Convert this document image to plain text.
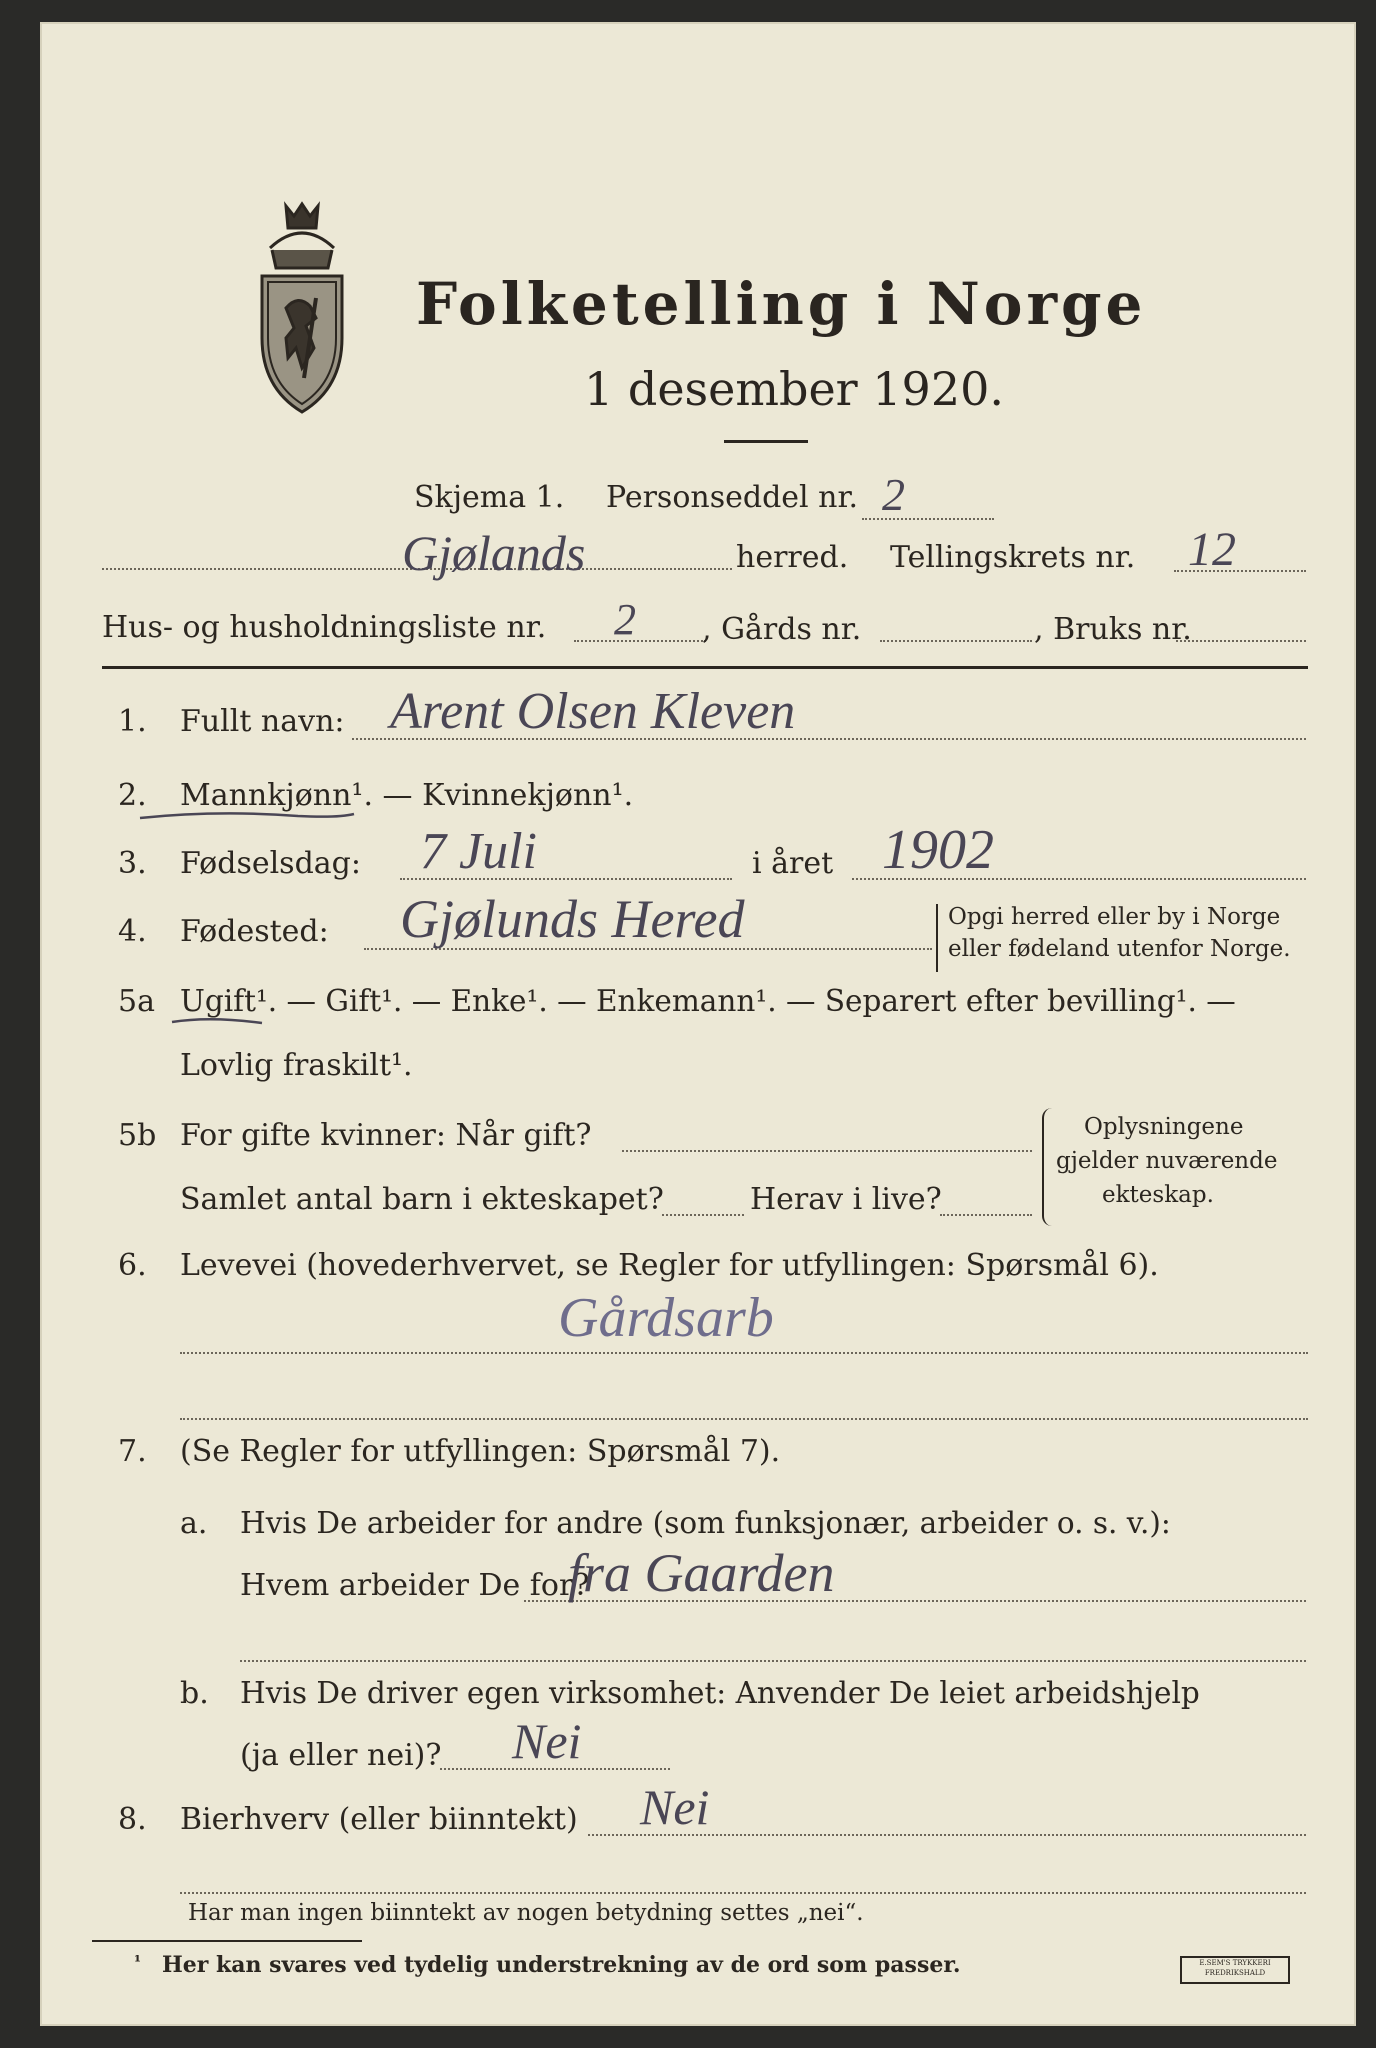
Folketelling i Norge
1 desember 1920.
Skjema 1. Personseddel nr. 2
Gjølands	herred. Tellingskrets nr. 12
Hus- og husholdningsliste nr. 2 , Gårds nr.	, Bruks nr.
1. Fullt navn: Arent Olsen Kleven
2. Mannkjønn¹. — Kvinnekjønn¹.
3. Fødselsdag: 7 Juli	i året 1902
4. Fødested: Gjølunds Hered	Opgi herred eller by i Norge
eller fødeland utenfor Norge.
5a Ugift¹. — Gift¹. — Enke¹. — Enkemann¹. — Separert efter bevilling¹. —
Lovlig fraskilt¹.
5b For gifte kvinner: Når gift?
Samlet antal barn i ekteskapet?	Herav i live?
Oplysningene
gjelder nuværende
ekteskap.
6. Levevei (hovederhvervet, se Regler for utfyllingen: Spørsmål 6).
Gårdsarb
7. (Se Regler for utfyllingen: Spørsmål 7).
a. Hvis De arbeider for andre (som funksjonær, arbeider o. s. v.):
Hvem arbeider De for?
fra Gaarden
b. Hvis De driver egen virksomhet: Anvender De leiet arbeidshjelp
(ja eller nei)? Nei
8. Bierhverv (eller biinntekt) Nei
Har man ingen biinntekt av nogen betydning settes „nei“.
¹ Her kan svares ved tydelig understrekning av de ord som passer.	E.SEM'S TRYKKERI
FREDRIKSHALD
